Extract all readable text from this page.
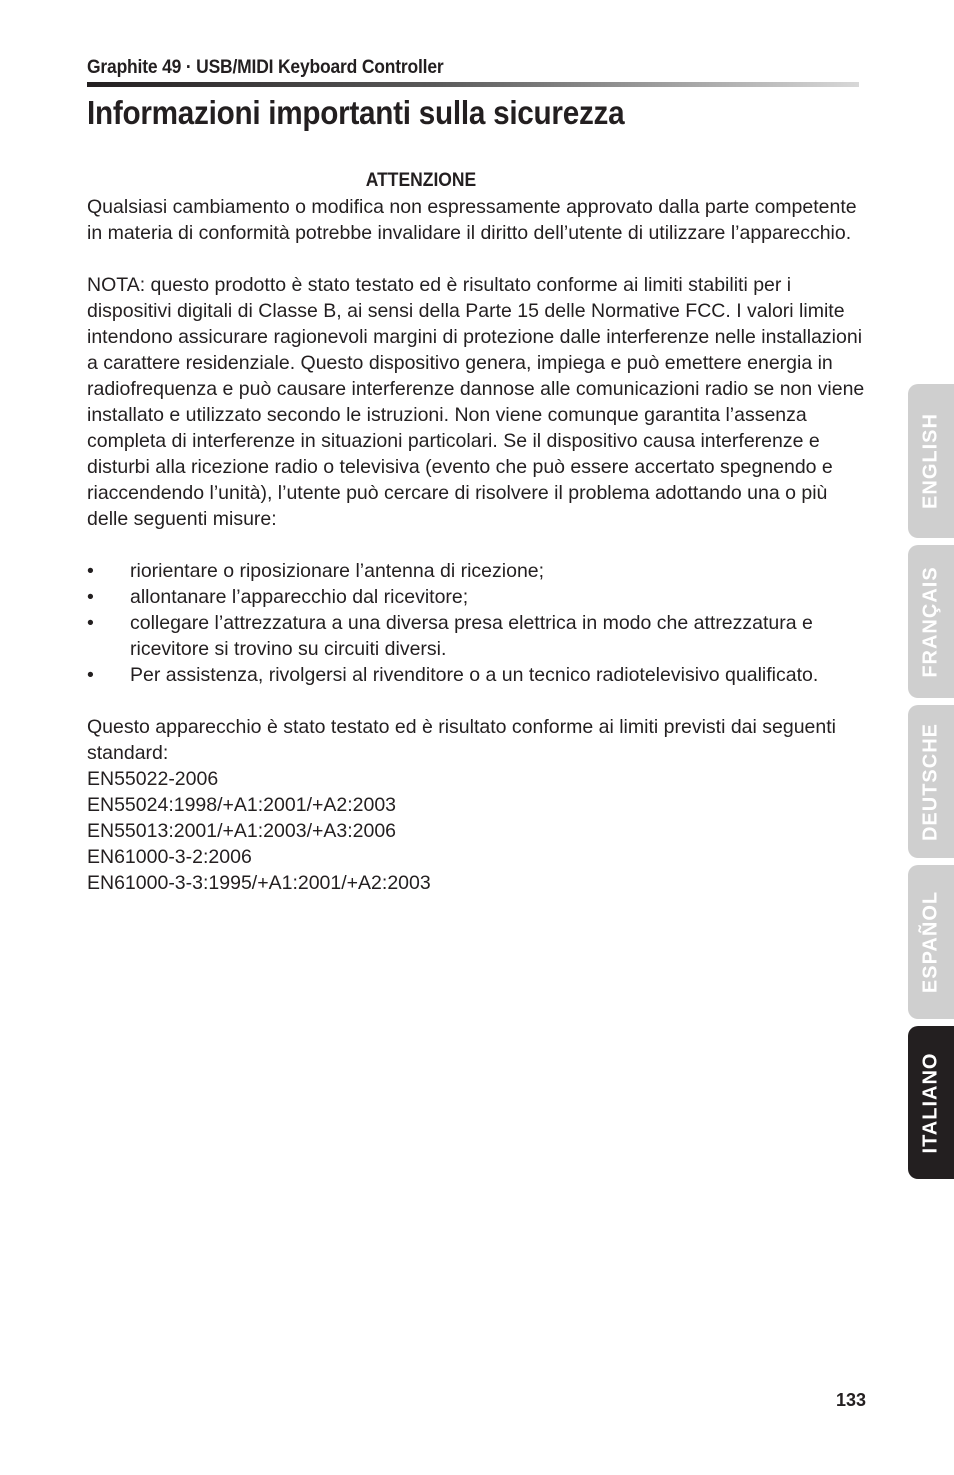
Graphite 49 · USB/MIDI Keyboard Controller
Informazioni importanti sulla sicurezza
ATTENZIONE

Qualsiasi cambiamento o modifica non espressamente approvato dalla parte competente in materia di conformità potrebbe invalidare il diritto dell’utente di utilizzare l’apparecchio.

NOTA: questo prodotto è stato testato ed è risultato conforme ai limiti stabiliti per i dispositivi digitali di Classe B, ai sensi della Parte 15 delle Normative FCC. I valori limite intendono assicurare ragionevoli margini di protezione dalle interferenze nelle installazioni a carattere residenziale. Questo dispositivo genera, impiega e può emettere energia in radiofrequenza e può causare interferenze dannose alle comunicazioni radio se non viene installato e utilizzato secondo le istruzioni. Non viene comunque garantita l’assenza completa di interferenze in situazioni particolari. Se il dispositivo causa interferenze e disturbi alla ricezione radio o televisiva (evento che può essere accertato spegnendo e riaccendendo l’unità), l’utente può cercare di risolvere il problema adottando una o più delle seguenti misure:

• riorientare o riposizionare l’antenna di ricezione;
• allontanare l’apparecchio dal ricevitore;
• collegare l’attrezzatura a una diversa presa elettrica in modo che attrezzatura e ricevitore si trovino su circuiti diversi.
• Per assistenza, rivolgersi al rivenditore o a un tecnico radiotelevisivo qualificato.

Questo apparecchio è stato testato ed è risultato conforme ai limiti previsti dai seguenti standard:

EN55022-2006
EN55024:1998/+A1:2001/+A2:2003
EN55013:2001/+A1:2003/+A3:2006
EN61000-3-2:2006
EN61000-3-3:1995/+A1:2001/+A2:2003
ENGLISH
FRANÇAIS
DEUTSCHE
ESPAÑOL
ITALIANO
133
